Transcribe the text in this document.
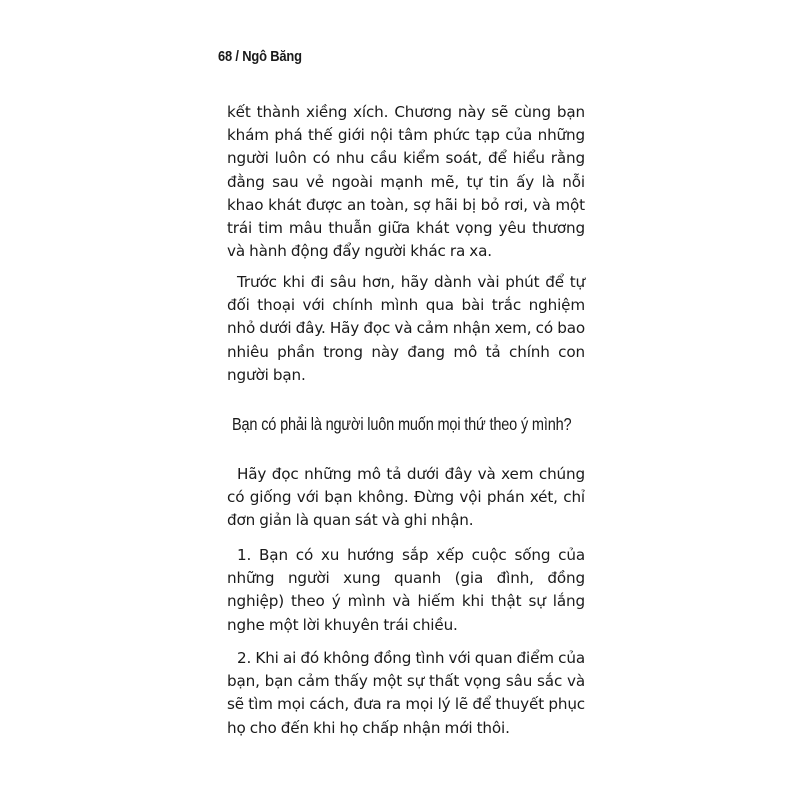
68 / Ngô Băng

kết thành xiềng xích. Chương này sẽ cùng bạn khám phá thế giới nội tâm phức tạp của những người luôn có nhu cầu kiểm soát, để hiểu rằng đằng sau vẻ ngoài mạnh mẽ, tự tin ấy là nỗi khao khát được an toàn, sợ hãi bị bỏ rơi, và một trái tim mâu thuẫn giữa khát vọng yêu thương và hành động đẩy người khác ra xa.

Trước khi đi sâu hơn, hãy dành vài phút để tự đối thoại với chính mình qua bài trắc nghiệm nhỏ dưới đây. Hãy đọc và cảm nhận xem, có bao nhiêu phần trong này đang mô tả chính con người bạn.

Bạn có phải là người luôn muốn mọi thứ theo ý mình?

Hãy đọc những mô tả dưới đây và xem chúng có giống với bạn không. Đừng vội phán xét, chỉ đơn giản là quan sát và ghi nhận.

1. Bạn có xu hướng sắp xếp cuộc sống của những người xung quanh (gia đình, đồng nghiệp) theo ý mình và hiếm khi thật sự lắng nghe một lời khuyên trái chiều.

2. Khi ai đó không đồng tình với quan điểm của bạn, bạn cảm thấy một sự thất vọng sâu sắc và sẽ tìm mọi cách, đưa ra mọi lý lẽ để thuyết phục họ cho đến khi họ chấp nhận mới thôi.
